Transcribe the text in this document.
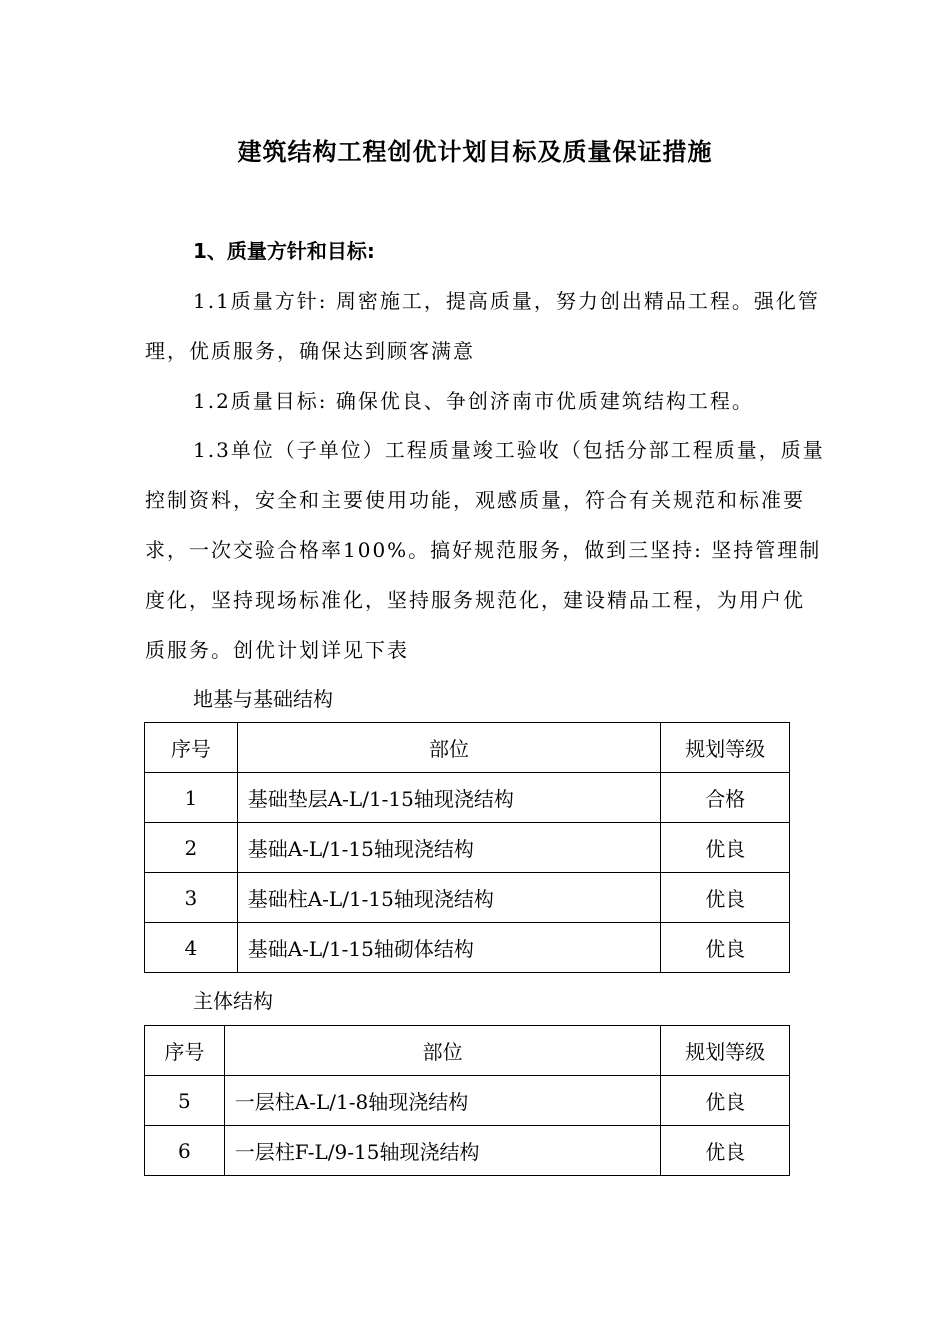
建筑结构工程创优计划目标及质量保证措施
1、质量方针和目标:
1.1质量方针: 周密施工，提高质量，努力创出精品工程。强化管理，优质服务，确保达到顾客满意
1.2质量目标: 确保优良、争创济南市优质建筑结构工程。
1.3单位（子单位）工程质量竣工验收（包括分部工程质量，质量控制资料，安全和主要使用功能，观感质量，符合有关规范和标准要求，一次交验合格率100%。搞好规范服务，做到三坚持: 坚持管理制度化，坚持现场标准化，坚持服务规范化，建设精品工程，为用户优质服务。创优计划详见下表
地基与基础结构
序号	部位	规划等级
1	基础垫层A-L/1-15轴现浇结构	合格
2	基础A-L/1-15轴现浇结构	优良
3	基础柱A-L/1-15轴现浇结构	优良
4	基础A-L/1-15轴砌体结构	优良
主体结构
序号	部位	规划等级
5	一层柱A-L/1-8轴现浇结构	优良
6	一层柱F-L/9-15轴现浇结构	优良
